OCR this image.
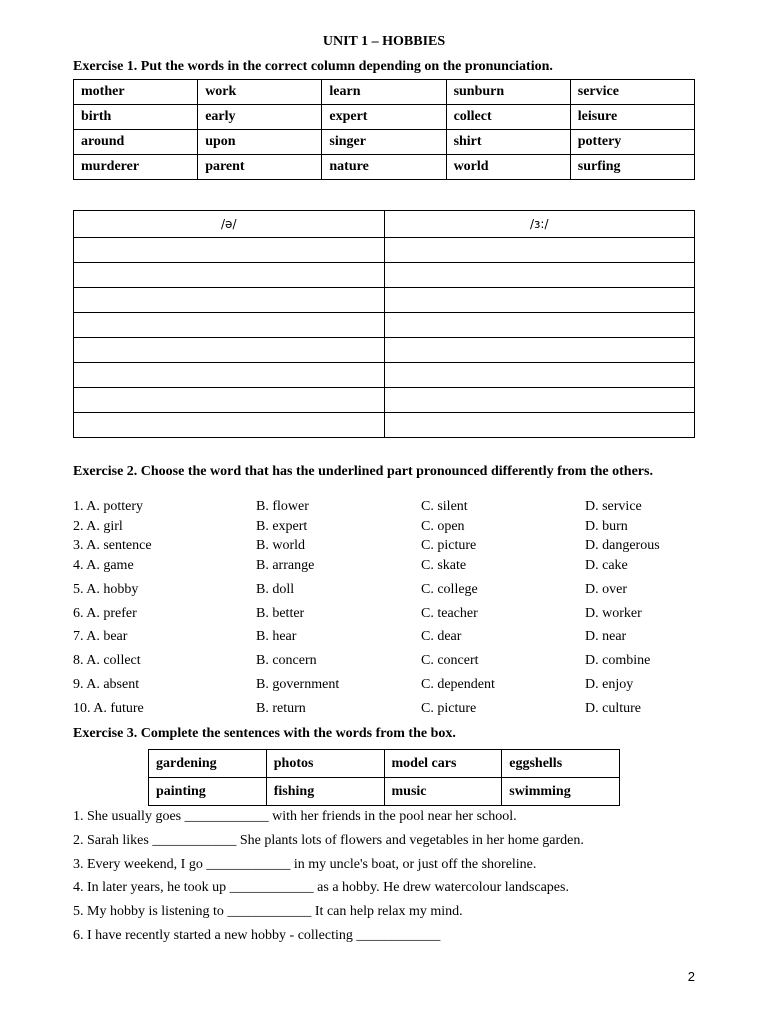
UNIT 1 – HOBBIES
Exercise 1. Put the words in the correct column depending on the pronunciation.
mother	work	learn	sunburn	service
birth	early	expert	collect	leisure
around	upon	singer	shirt	pottery
murderer	parent	nature	world	surfing
/ə/	/ɜ:/

Exercise 2. Choose the word that has the underlined part pronounced differently from the others.
1. A. pottery	B. flower	C. silent	D. service
2. A. girl	B. expert	C. open	D. burn
3. A. sentence	B. world	C. picture	D. dangerous
4. A. game	B. arrange	C. skate	D. cake
5. A. hobby	B. doll	C. college	D. over
6. A. prefer	B. better	C. teacher	D. worker
7. A. bear	B. hear	C. dear	D. near
8. A. collect	B. concern	C. concert	D. combine
9. A. absent	B. government	C. dependent	D. enjoy
10. A. future	B. return	C. picture	D. culture
Exercise 3. Complete the sentences with the words from the box.
gardening	photos	model cars	eggshells
painting	fishing	music	swimming
1. She usually goes ____________ with her friends in the pool near her school.
2. Sarah likes ____________ She plants lots of flowers and vegetables in her home garden.
3. Every weekend, I go ____________ in my uncle's boat, or just off the shoreline.
4. In later years, he took up ____________ as a hobby. He drew watercolour landscapes.
5. My hobby is listening to ____________ It can help relax my mind.
6. I have recently started a new hobby - collecting ____________
2
